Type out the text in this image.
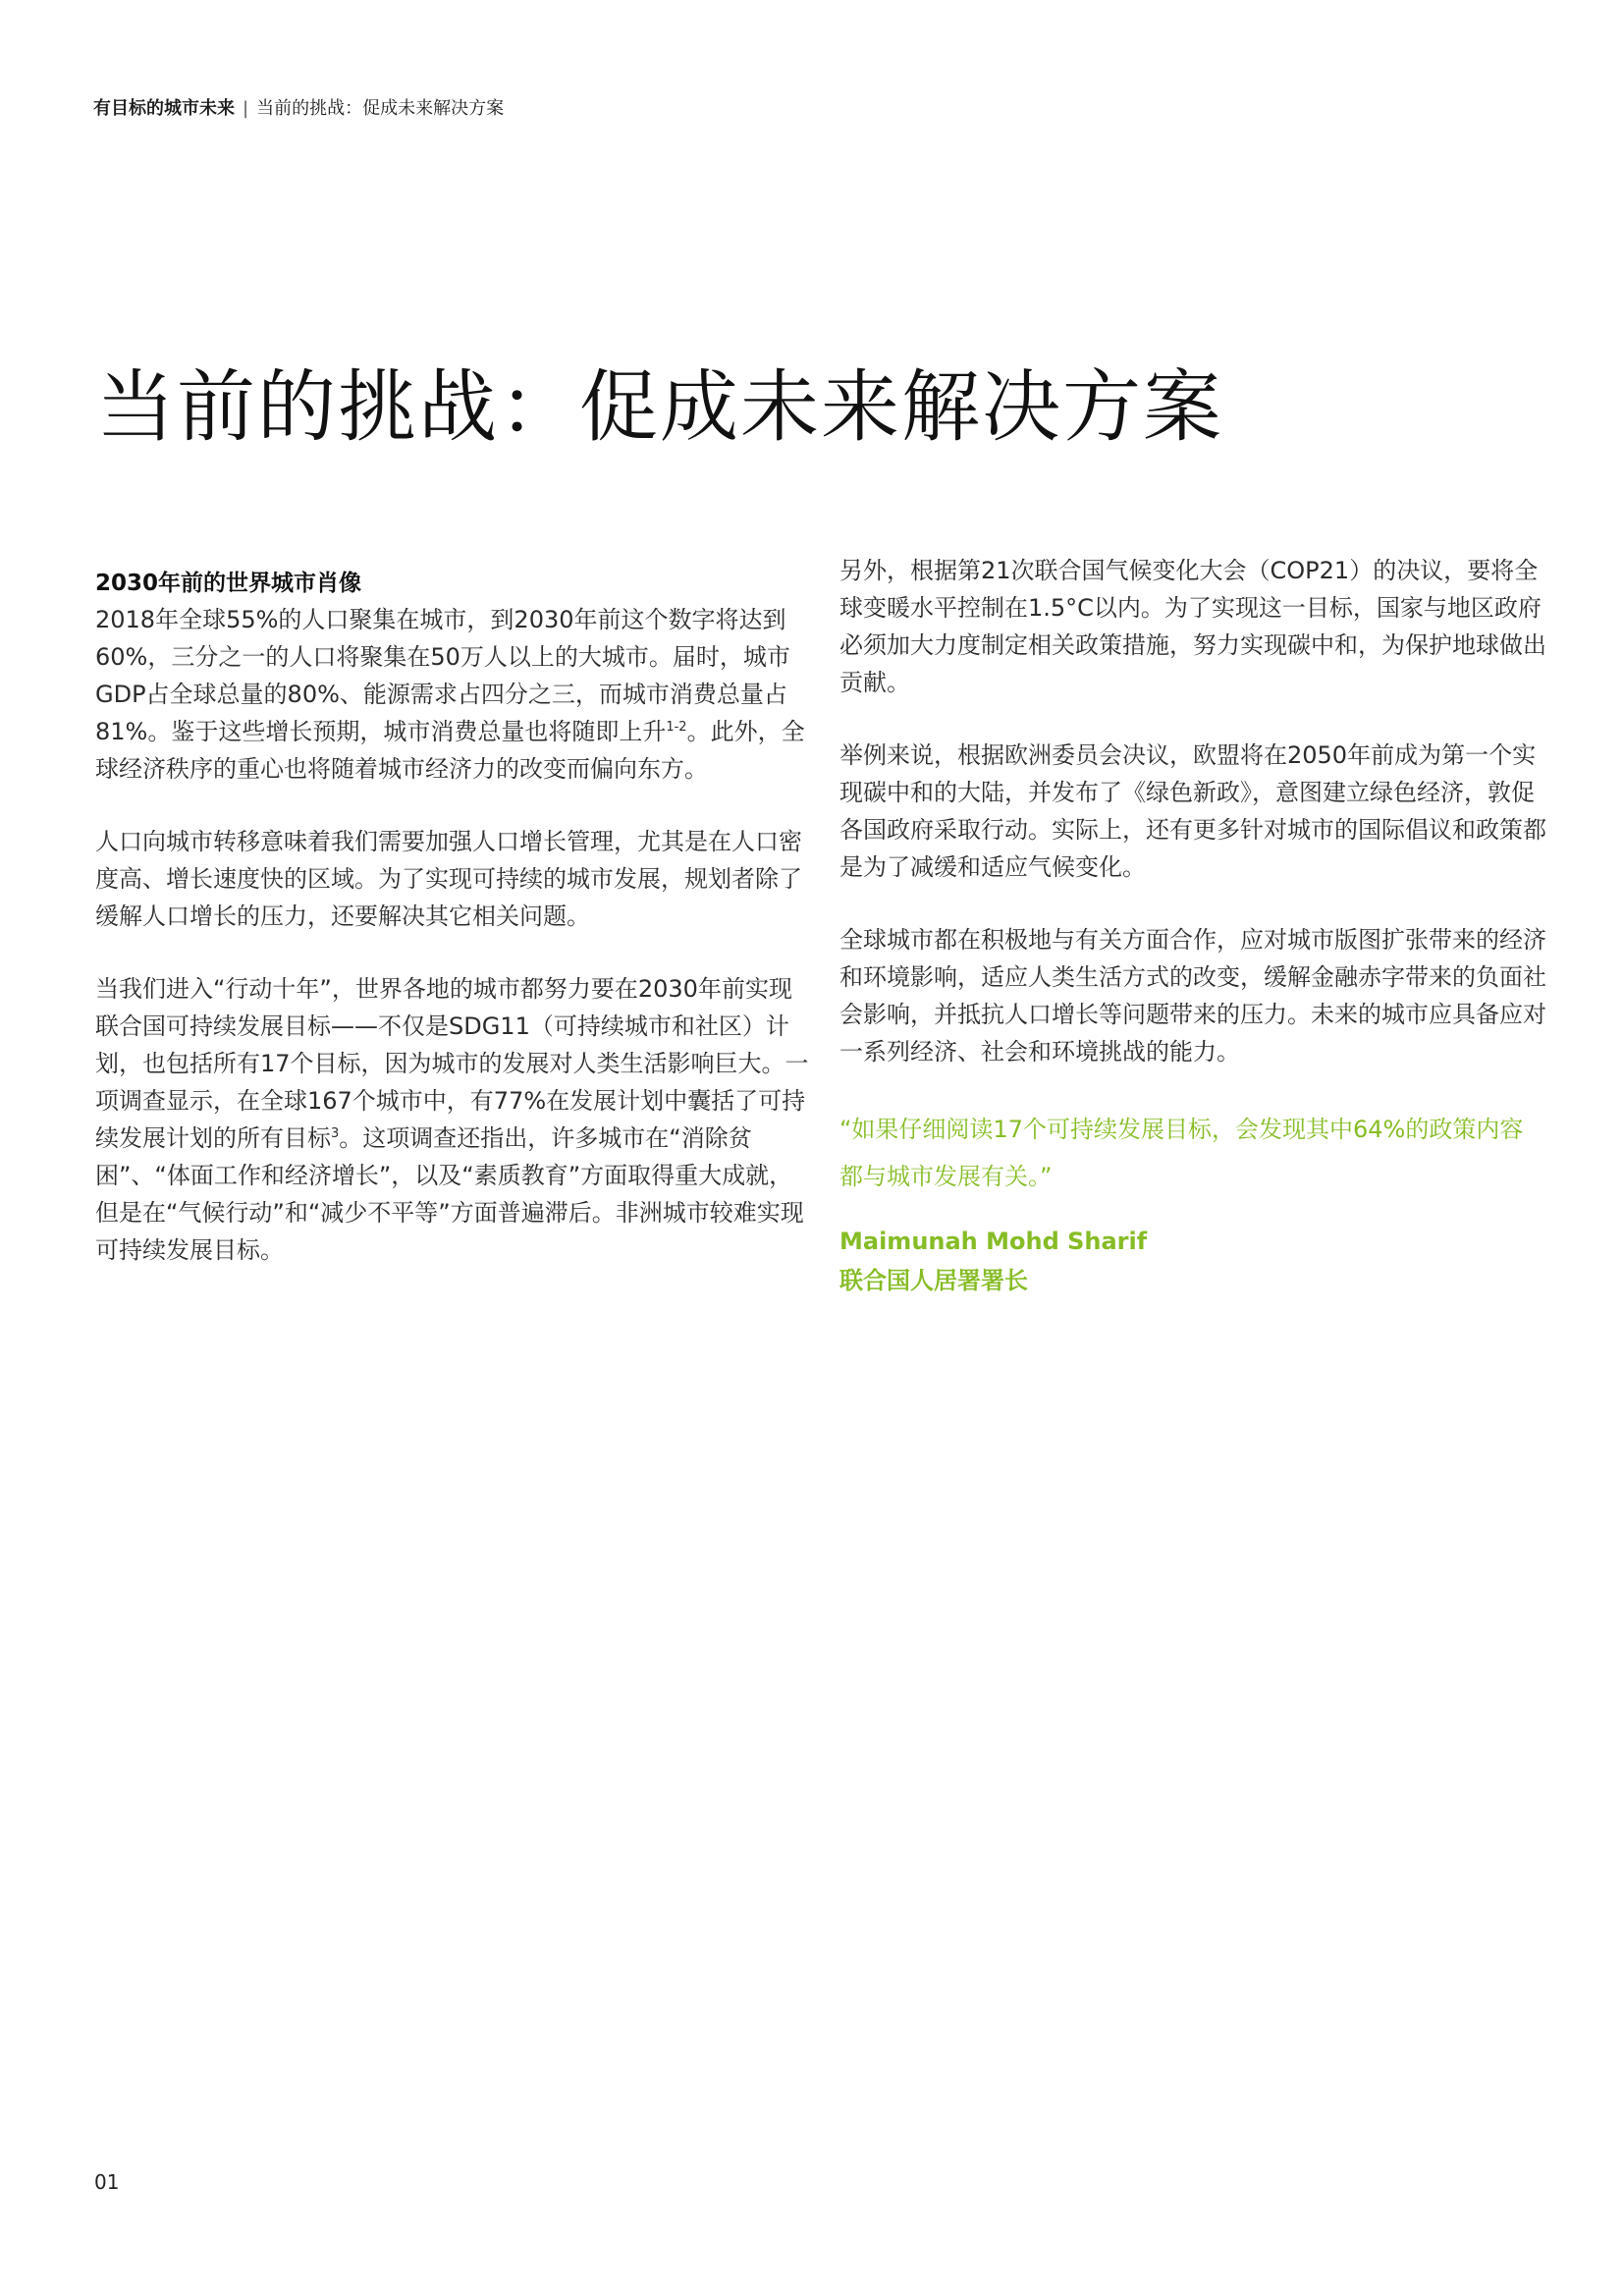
有目标的城市未来 | 当前的挑战：促成未来解决方案
当前的挑战：促成未来解决方案

2030年前的世界城市肖像

2018年全球55%的人口聚集在城市，到2030年前这个数字将达到60%，三分之一的人口将聚集在50万人以上的大城市。届时，城市GDP占全球总量的80%、能源需求占四分之三，而城市消费总量占81%。鉴于这些增长预期，城市消费总量也将随即上升$^{1-2}$。此外，全球经济秩序的重心也将随着城市经济力的改变而偏向东方。

人口向城市转移意味着我们需要加强人口增长管理，尤其是在人口密度高、增长速度快的区域。为了实现可持续的城市发展，规划者除了缓解人口增长的压力，还要解决其它相关问题。

当我们进入“行动十年”，世界各地的城市都努力要在2030年前实现联合国可持续发展目标——不仅是SDG11（可持续城市和社区）计划，也包括所有17个目标，因为城市的发展对人类生活影响巨大。一项调查显示，在全球167个城市中，有77%在发展计划中囊括了可持续发展计划的所有目标$^3$。这项调查还指出，许多城市在“消除贫困”、“体面工作和经济增长”，以及“素质教育”方面取得重大成就，但是在“气候行动”和“减少不平等”方面普遍滞后。非洲城市较难实现可持续发展目标。

另外，根据第21次联合国气候变化大会（COP21）的决议，要将全球变暖水平控制在1.5°C以内。为了实现这一目标，国家与地区政府必须加大力度制定相关政策措施，努力实现碳中和，为保护地球做出贡献。

举例来说，根据欧洲委员会决议，欧盟将在2050年前成为第一个实现碳中和的大陆，并发布了《绿色新政》，意图建立绿色经济，敦促各国政府采取行动。实际上，还有更多针对城市的国际倡议和政策都是为了减缓和适应气候变化。

全球城市都在积极地与有关方面合作，应对城市版图扩张带来的经济和环境影响，适应人类生活方式的改变，缓解金融赤字带来的负面社会影响，并抵抗人口增长等问题带来的压力。未来的城市应具备应对一系列经济、社会和环境挑战的能力。

“如果仔细阅读17个可持续发展目标，会发现其中64%的政策内容都与城市发展有关。”

Maimunah Mohd Sharif

联合国人居署署长

01
